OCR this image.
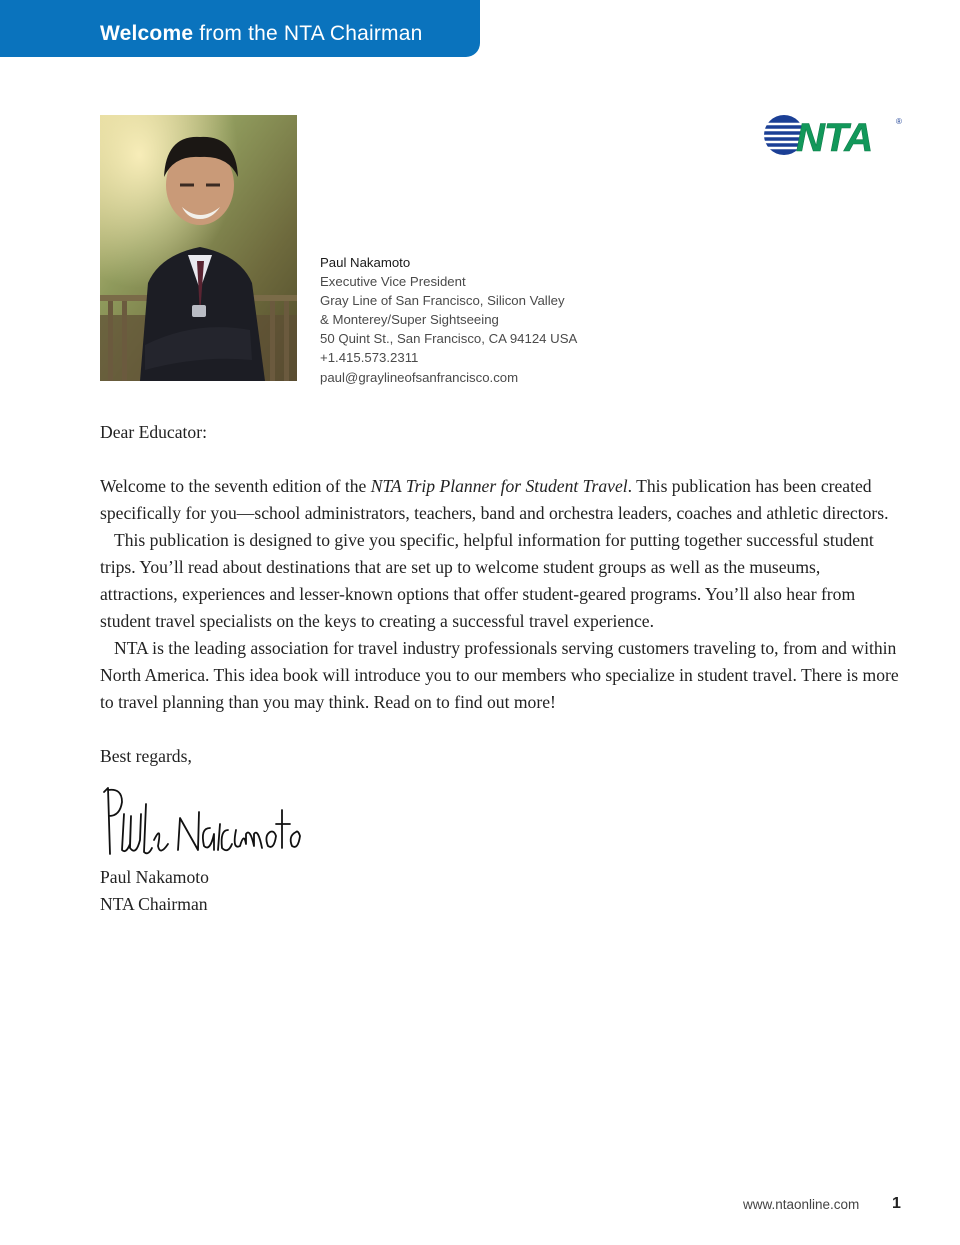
Welcome from the NTA Chairman
NTA	®
Paul Nakamoto
Executive Vice President
Gray Line of San Francisco, Silicon Valley
& Monterey/Super Sightseeing
50 Quint St., San Francisco, CA 94124 USA
+1.415.573.2311
paul@graylineofsanfrancisco.com

Dear Educator:

Welcome to the seventh edition of the NTA Trip Planner for Student Travel. This publication has been created specifically for you—school administrators, teachers, band and orchestra leaders, coaches and athletic directors.

This publication is designed to give you specific, helpful information for putting together successful student trips. You’ll read about destinations that are set up to welcome student groups as well as the museums, attractions, experiences and lesser-known options that offer student-geared programs. You’ll also hear from student travel specialists on the keys to creating a successful travel experience.

NTA is the leading association for travel industry professionals serving customers traveling to, from and within North America. This idea book will introduce you to our members who specialize in student travel. There is more to travel planning than you may think. Read on to find out more!

Best regards,

Paul Nakamoto

NTA Chairman

www.ntaonline.com 1
